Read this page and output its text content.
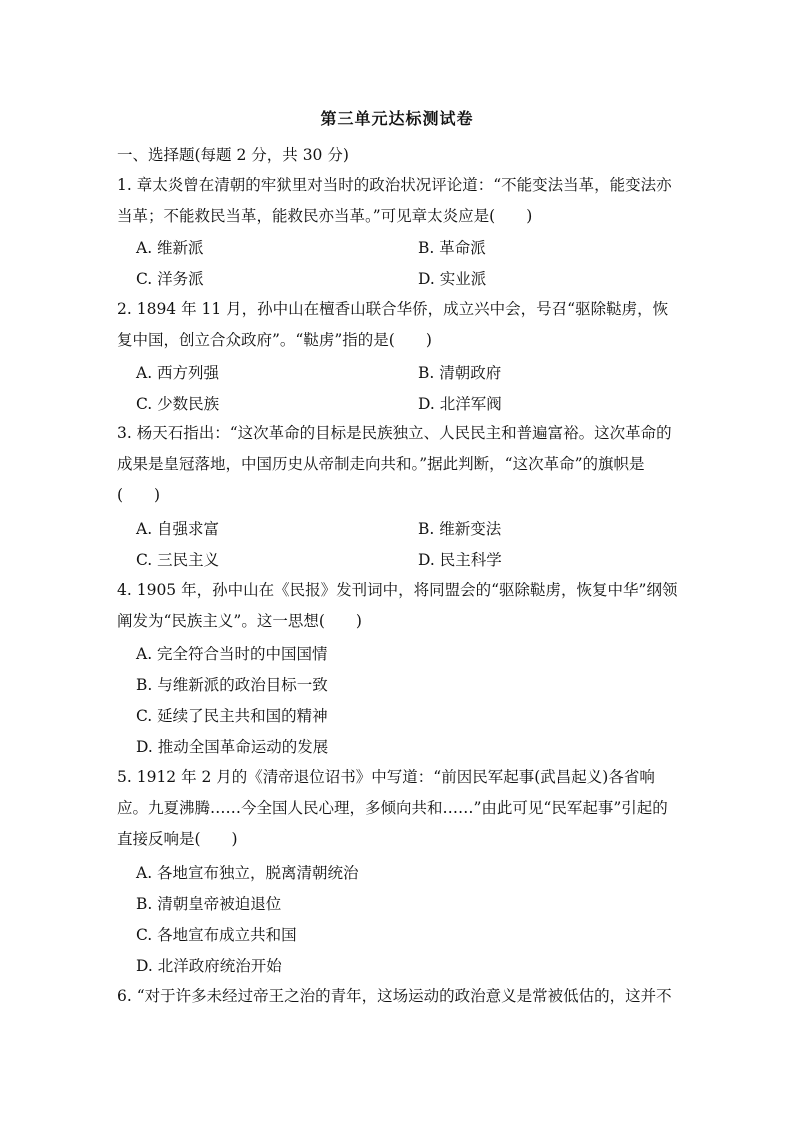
第三单元达标测试卷
一、选择题(每题 2 分，共 30 分)
1. 章太炎曾在清朝的牢狱里对当时的政治状况评论道：“不能变法当革，能变法亦当革；不能救民当革，能救民亦当革。”可见章太炎应是(　　)
A. 维新派	B. 革命派
C. 洋务派	D. 实业派
2. 1894 年 11 月，孙中山在檀香山联合华侨，成立兴中会，号召“驱除鞑虏，恢复中国，创立合众政府”。“鞑虏”指的是(　　)
A. 西方列强	B. 清朝政府
C. 少数民族	D. 北洋军阀
3. 杨天石指出：“这次革命的目标是民族独立、人民民主和普遍富裕。这次革命的成果是皇冠落地，中国历史从帝制走向共和。”据此判断，“这次革命”的旗帜是(　　)
A. 自强求富	B. 维新变法
C. 三民主义	D. 民主科学
4. 1905 年，孙中山在《民报》发刊词中，将同盟会的“驱除鞑虏，恢复中华”纲领阐发为“民族主义”。这一思想(　　)
A. 完全符合当时的中国国情
B. 与维新派的政治目标一致
C. 延续了民主共和国的精神
D. 推动全国革命运动的发展
5. 1912 年 2 月的《清帝退位诏书》中写道：“前因民军起事(武昌起义)各省响应。九夏沸腾……今全国人民心理，多倾向共和……”由此可见“民军起事”引起的直接反响是(　　)
A. 各地宣布独立，脱离清朝统治
B. 清朝皇帝被迫退位
C. 各地宣布成立共和国
D. 北洋政府统治开始
6. “对于许多未经过帝王之治的青年，这场运动的政治意义是常被低估的，这并不
